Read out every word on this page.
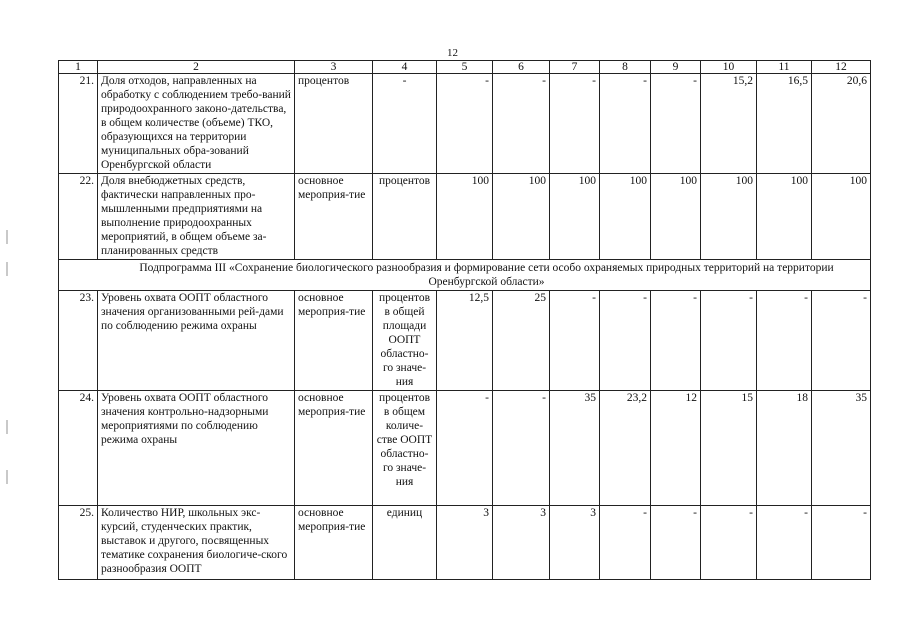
12
1	2	3	4	5	6	7	8	9	10	11	12
21.	Доля отходов, направленных на обработку с соблюдением требо-ваний природоохранного законо-дательства, в общем количестве (объеме) ТКО, образующихся на территории муниципальных обра-зований Оренбургской области	процентов	-	-	-	-	-	-	15,2	16,5	20,6
22.	Доля внебюджетных средств, фактически направленных про-мышленными предприятиями на выполнение природоохранных мероприятий, в общем объеме за-планированных средств	основное мероприя-тие	процентов	100	100	100	100	100	100	100	100
Подпрограмма III «Сохранение биологического разнообразия и формирование сети особо охраняемых природных территорий на территории Оренбургской области»											
23.	Уровень охвата ООПТ областного значения организованными рей-дами по соблюдению режима охраны	основное мероприя-тие	процентов в общей площади ООПТ областно-го значе-ния	12,5	25	-	-	-	-	-	-
24.	Уровень охвата ООПТ областного значения контрольно-надзорными мероприятиями по соблюдению режима охраны	основное мероприя-тие	процентов в общем количе-стве ООПТ областно-го значе-ния	-	-	35	23,2	12	15	18	35
25.	Количество НИР, школьных экс-курсий, студенческих практик, выставок и другого, посвященных тематике сохранения биологиче-ского разнообразия ООПТ	основное мероприя-тие	единиц	3	3	3	-	-	-	-	-
